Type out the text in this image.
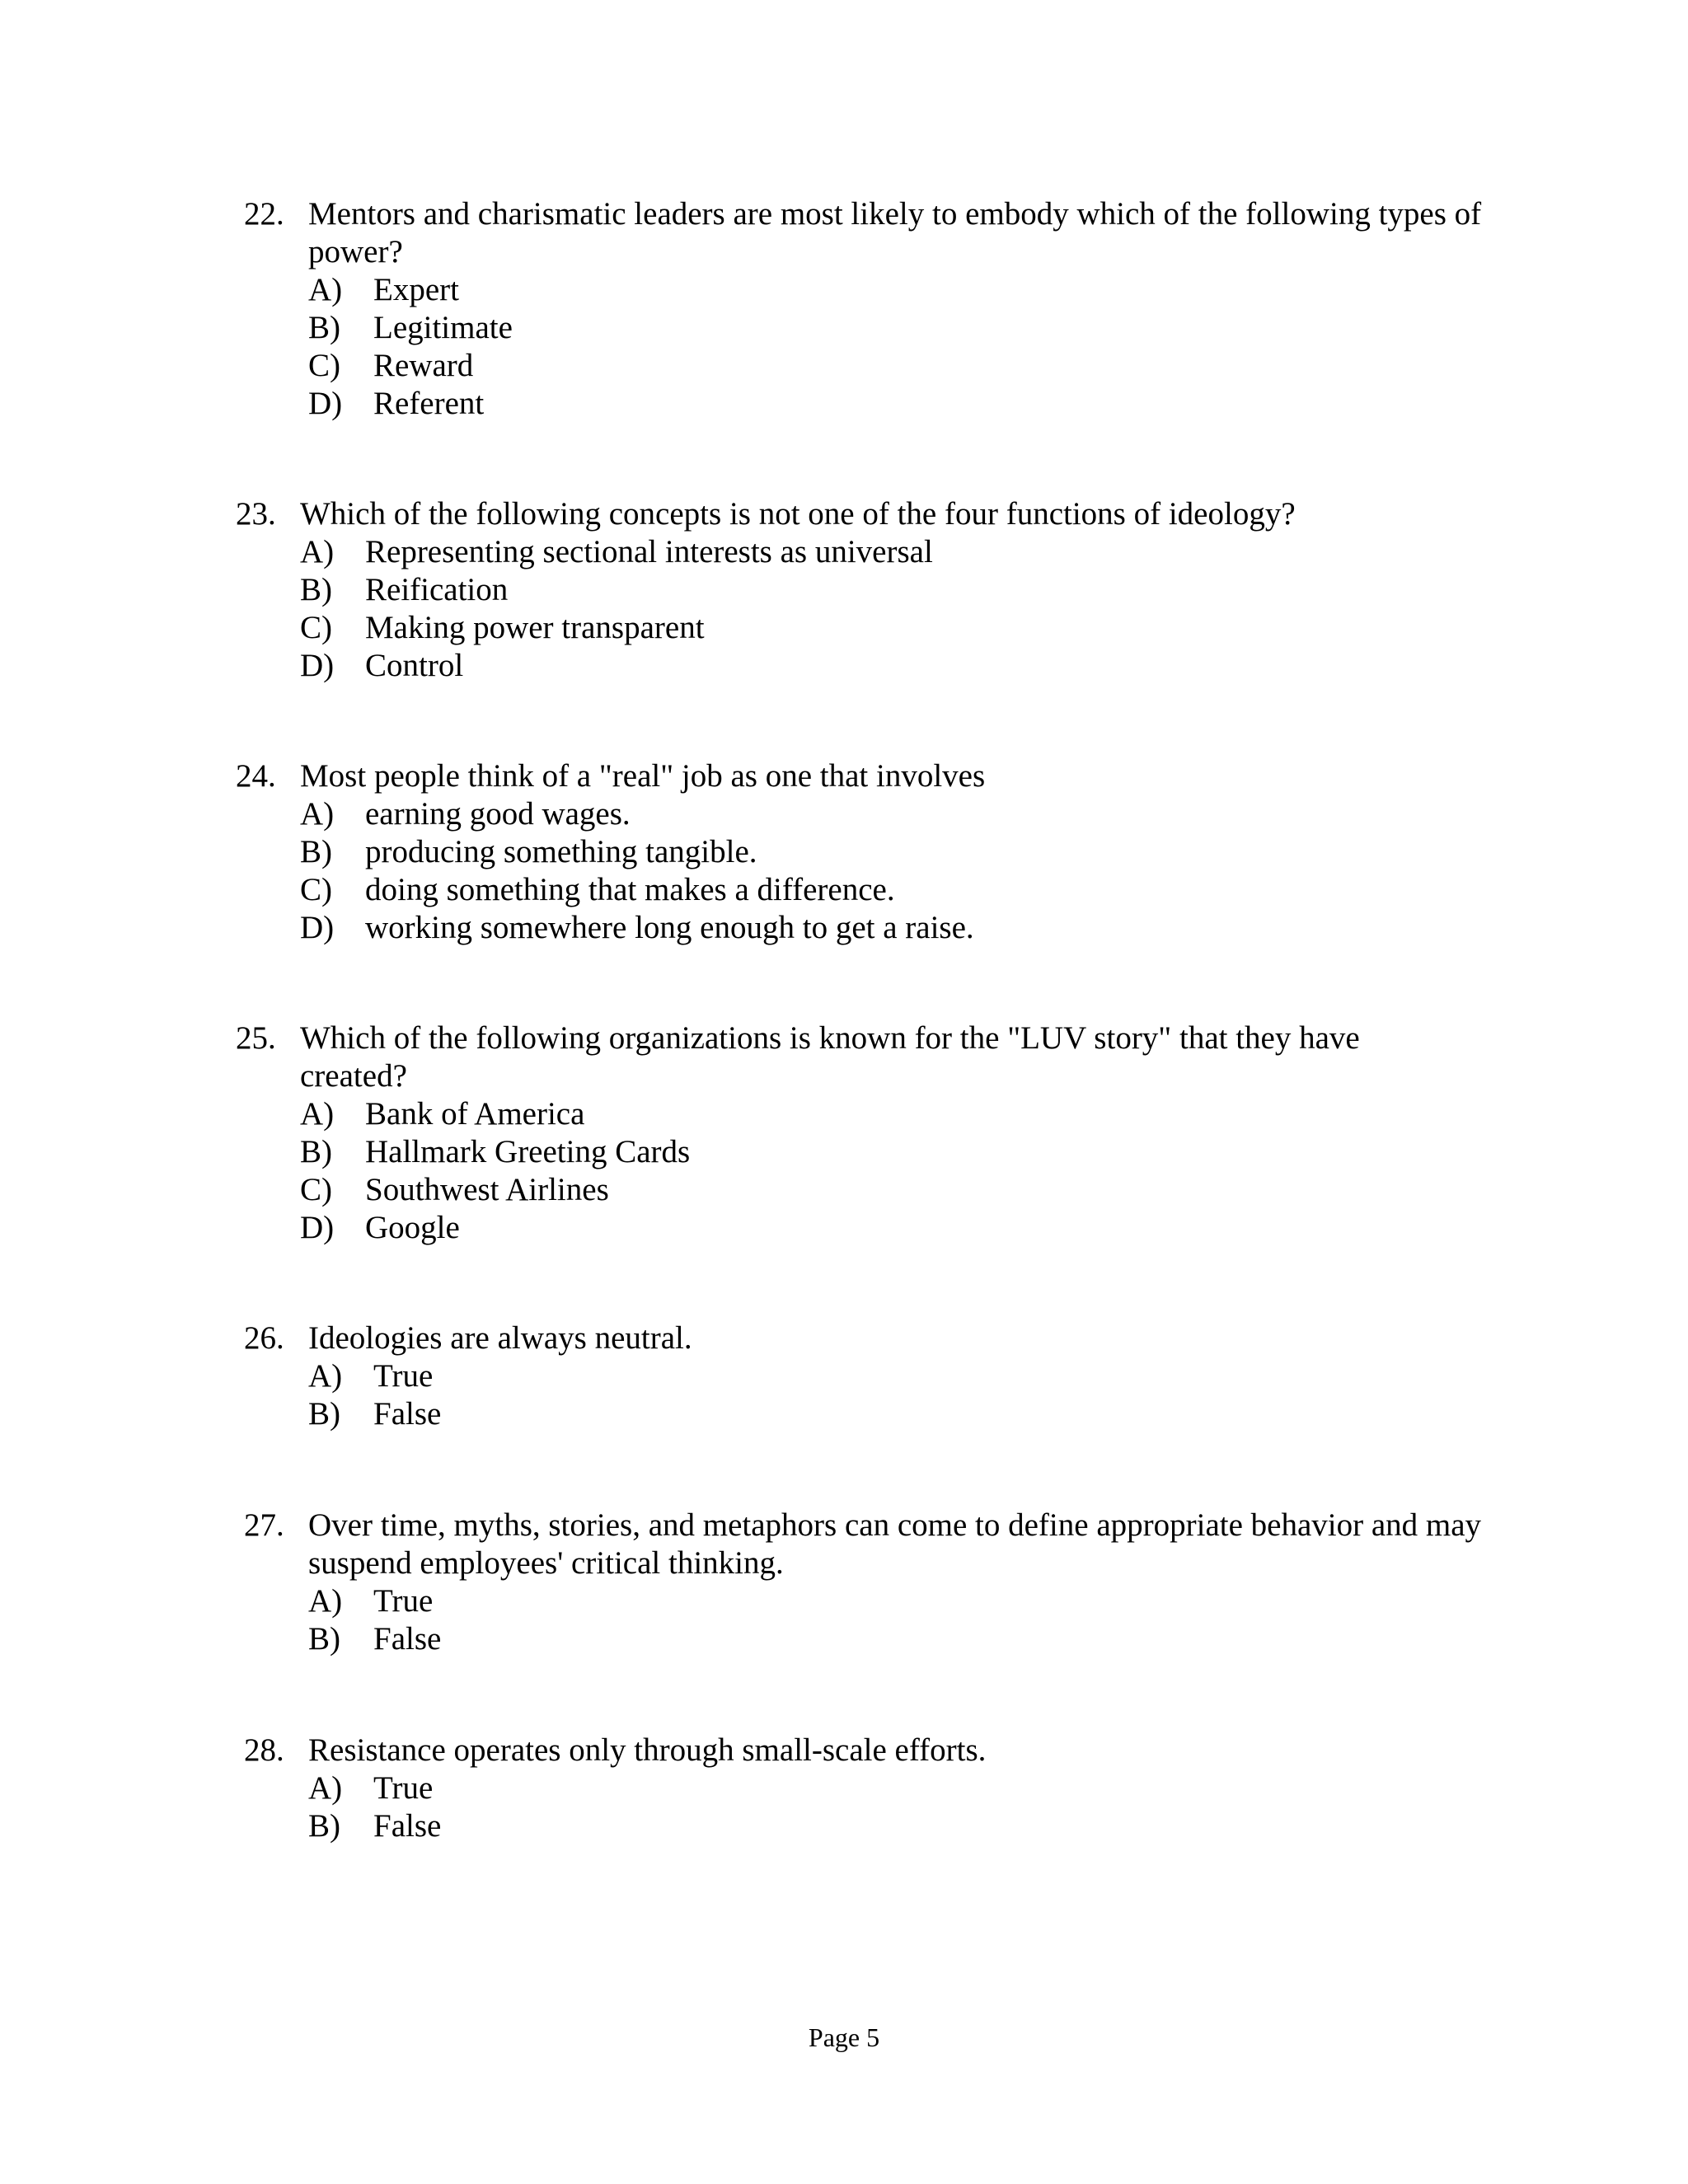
22. Mentors and charismatic leaders are most likely to embody which of the following types of power?
A) Expert
B)	Legitimate
C)	Reward
D) Referent
23. Which of the following concepts is not one of the four functions of ideology?
A) Representing sectional interests as universal
B)	Reification
C)	Making power transparent
D) Control
24. Most people think of a "real" job as one that involves
A) earning good wages.
B)	producing something tangible.
C)	doing something that makes a difference.
D) working somewhere long enough to get a raise.
25. Which of the following organizations is known for the "LUV story" that they have created?
A) Bank of America
B)	Hallmark Greeting Cards
C)	Southwest Airlines
D) Google
26. Ideologies are always neutral.
A) True
B)	False
27. Over time, myths, stories, and metaphors can come to define appropriate behavior and may suspend employees' critical thinking.
A) True
B)	False
28. Resistance operates only through small-scale efforts.
A) True
B)	False
Page 5
